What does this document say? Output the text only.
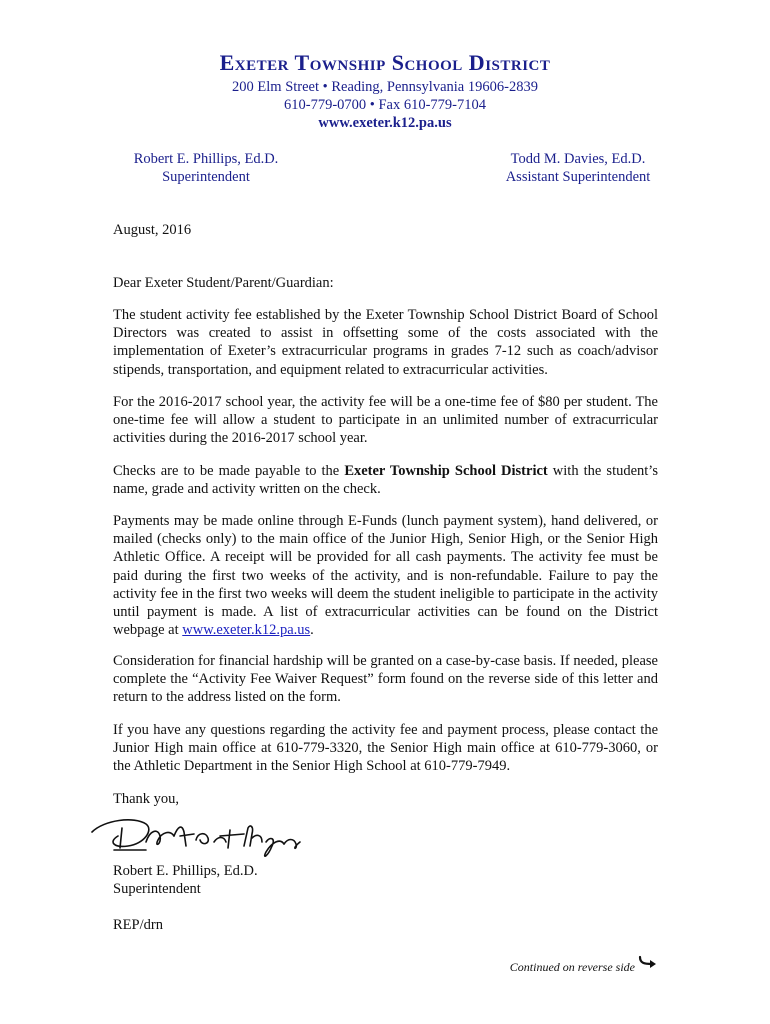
Exeter Township School District
200 Elm Street • Reading, Pennsylvania 19606-2839
610-779-0700 • Fax 610-779-7104
www.exeter.k12.pa.us
Robert E. Phillips, Ed.D.
Superintendent
Todd M. Davies, Ed.D.
Assistant Superintendent
August, 2016
Dear Exeter Student/Parent/Guardian:
The student activity fee established by the Exeter Township School District Board of School Directors was created to assist in offsetting some of the costs associated with the implementation of Exeter’s extracurricular programs in grades 7-12 such as coach/advisor stipends, transportation, and equipment related to extracurricular activities.
For the 2016-2017 school year, the activity fee will be a one-time fee of $80 per student. The one-time fee will allow a student to participate in an unlimited number of extracurricular activities during the 2016-2017 school year.
Checks are to be made payable to the Exeter Township School District with the student’s name, grade and activity written on the check.
Payments may be made online through E-Funds (lunch payment system), hand delivered, or mailed (checks only) to the main office of the Junior High, Senior High, or the Senior High Athletic Office. A receipt will be provided for all cash payments. The activity fee must be paid during the first two weeks of the activity, and is non-refundable. Failure to pay the activity fee in the first two weeks will deem the student ineligible to participate in the activity until payment is made. A list of extracurricular activities can be found on the District webpage at www.exeter.k12.pa.us.
Consideration for financial hardship will be granted on a case-by-case basis. If needed, please complete the “Activity Fee Waiver Request” form found on the reverse side of this letter and return to the address listed on the form.
If you have any questions regarding the activity fee and payment process, please contact the Junior High main office at 610-779-3320, the Senior High main office at 610-779-3060, or the Athletic Department in the Senior High School at 610-779-7949.
Thank you,
Robert E. Phillips, Ed.D.
Superintendent
REP/drn
Continued on reverse side
